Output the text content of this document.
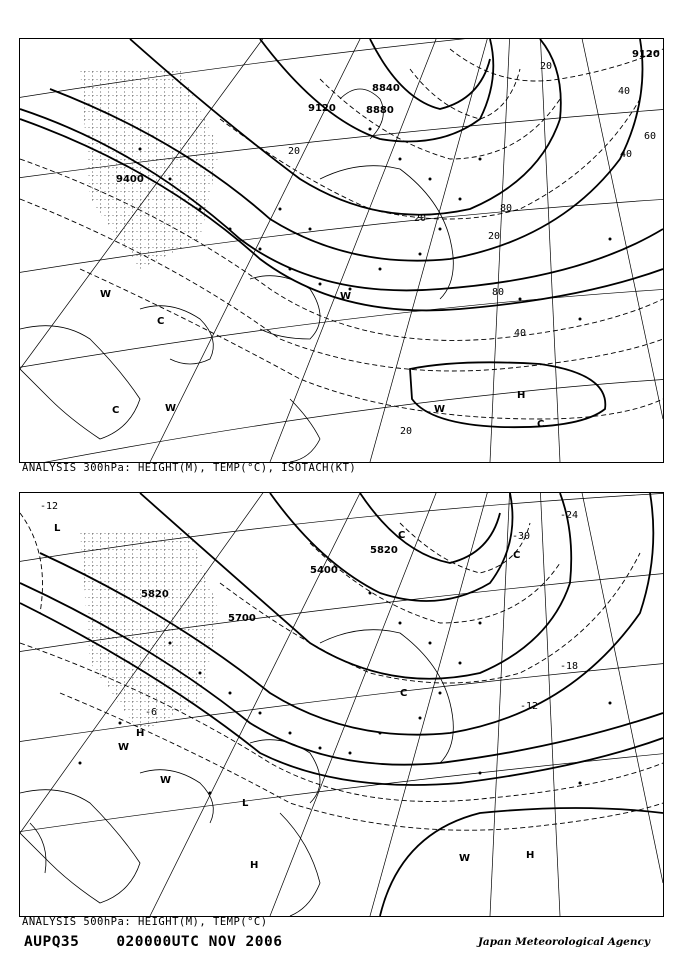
9120
8840
9400
9120	8880
20
40
60
80
20
40
80
40
20
20
20
W
C
C	W
W
H
W
C
ANALYSIS 300hPa: HEIGHT(M), TEMP(°C), ISOTACH(KT)
5820
5700
5820
5400
-12
-6
-18
-12
-24
-30
L
C
C
C
W
H
W
H
H
W
L
ANALYSIS 500hPa: HEIGHT(M), TEMP(°C)
AUPQ35	020000UTC NOV 2006	Japan Meteorological Agency
